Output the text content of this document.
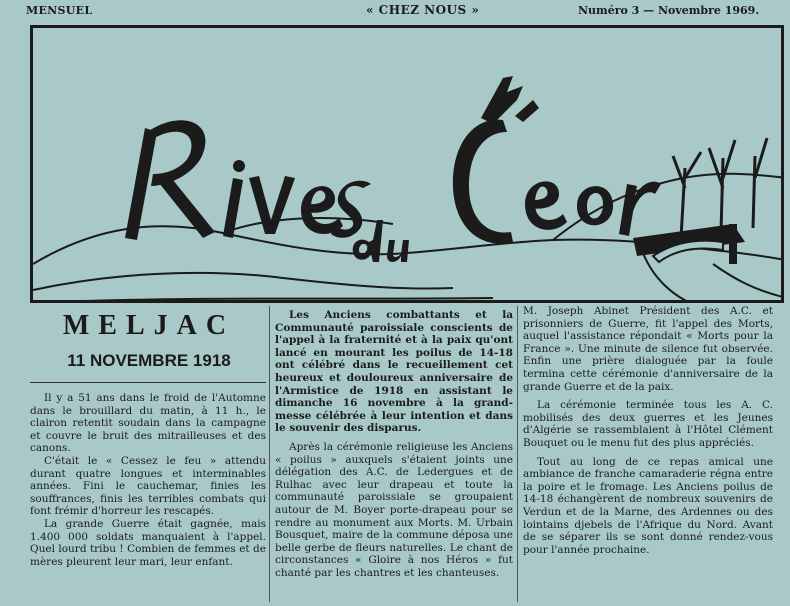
MENSUEL	« CHEZ NOUS »	Numéro 3 — Novembre 1969.
Rives du Céor
MELJAC
11 NOVEMBRE 1918

Il y a 51 ans dans le froid de l'Automne dans le brouillard du matin, à 11 h., le clairon retentit soudain dans la campagne et couvre le bruit des mitrailleuses et des canons.

C'était le « Cessez le feu » attendu durant quatre longues et interminables années. Fini le cauchemar, finies les souffrances, finis les terribles combats qui font frémir d'horreur les rescapés.

La grande Guerre était gagnée, mais 1.400 000 soldats manquaient à l'appel. Quel lourd tribu ! Combien de femmes et de mères pleurent leur mari, leur enfant.

Les Anciens combattants et la Communauté paroissiale conscients de l'appel à la fraternité et à la paix qu'ont lancé en mourant les poilus de 14-18 ont célébré dans le recueillement cet heureux et douloureux anniversaire de l'Armistice de 1918 en assistant le dimanche 16 novembre à la grand-messe célébrée à leur intention et dans le souvenir des disparus.

Après la cérémonie religieuse les Anciens « poilus » auxquels s'étaient joints une délégation des A.C. de Ledergues et de Rulhac avec leur drapeau et toute la communauté paroissiale se groupaient autour de M. Boyer porte-drapeau pour se rendre au monument aux Morts. M. Urbain Bousquet, maire de la commune déposa une belle gerbe de fleurs naturelles. Le chant de circonstances « Gloire à nos Héros » fut chanté par les chantres et les chanteuses.

M. Joseph Abinet Président des A.C. et prisonniers de Guerre, fit l'appel des Morts, auquel l'assistance répondait « Morts pour la France ». Une minute de silence fut observée. Enfin une prière dialoguée par la foule termina cette cérémonie d'anniversaire de la grande Guerre et de la paix.

La cérémonie terminée tous les A. C. mobilisés des deux guerres et les Jeunes d'Algérie se rassemblaient à l'Hôtel Clément Bouquet ou le menu fut des plus appréciés.

Tout au long de ce repas amical une ambiance de franche camaraderie régna entre la poire et le fromage. Les Anciens poilus de 14-18 échangèrent de nombreux souvenirs de Verdun et de la Marne, des Ardennes ou des lointains djebels de l'Afrique du Nord. Avant de se séparer ils se sont donné rendez-vous pour l'année prochaine.
